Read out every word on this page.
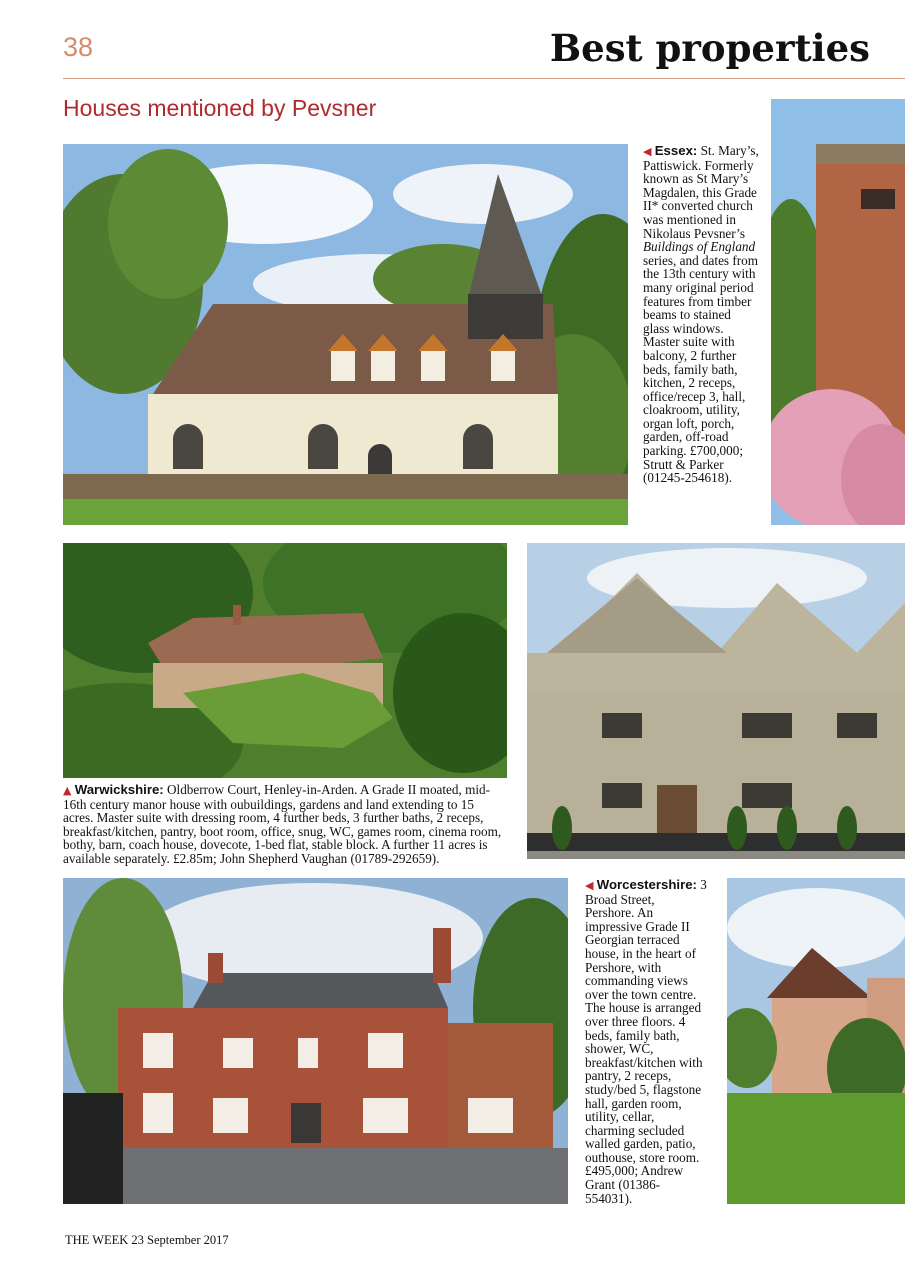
38	Best properties
Houses mentioned by Pevsner
◀ Essex: St. Mary’s, Pattiswick. Formerly known as St Mary’s Magdalen, this Grade II* converted church was mentioned in Nikolaus Pevsner’s Buildings of England series, and dates from the 13th century with many original period features from timber beams to stained glass windows. Master suite with balcony, 2 further beds, family bath, kitchen, 2 receps, office/recep 3, hall, cloakroom, utility, organ loft, porch, garden, off-road parking. £700,000; Strutt & Parker (01245-254618).
▲ Warwickshire: Oldberrow Court, Henley-in-Arden. A Grade II moated, mid-16th century manor house with oubuildings, gardens and land extending to 15 acres. Master suite with dressing room, 4 further beds, 3 further baths, 2 receps, breakfast/kitchen, pantry, boot room, office, snug, WC, games room, cinema room, bothy, barn, coach house, dovecote, 1-bed flat, stable block. A further 11 acres is available separately. £2.85m; John Shepherd Vaughan (01789-292659).
◀ Worcestershire: 3 Broad Street, Pershore. An impressive Grade II Georgian terraced house, in the heart of Pershore, with commanding views over the town centre. The house is arranged over three floors. 4 beds, family bath, shower, WC, breakfast/kitchen with pantry, 2 receps, study/bed 5, flagstone hall, garden room, utility, cellar, charming secluded walled garden, patio, outhouse, store room. £495,000; Andrew Grant (01386-554031).
THE WEEK 23 September 2017
